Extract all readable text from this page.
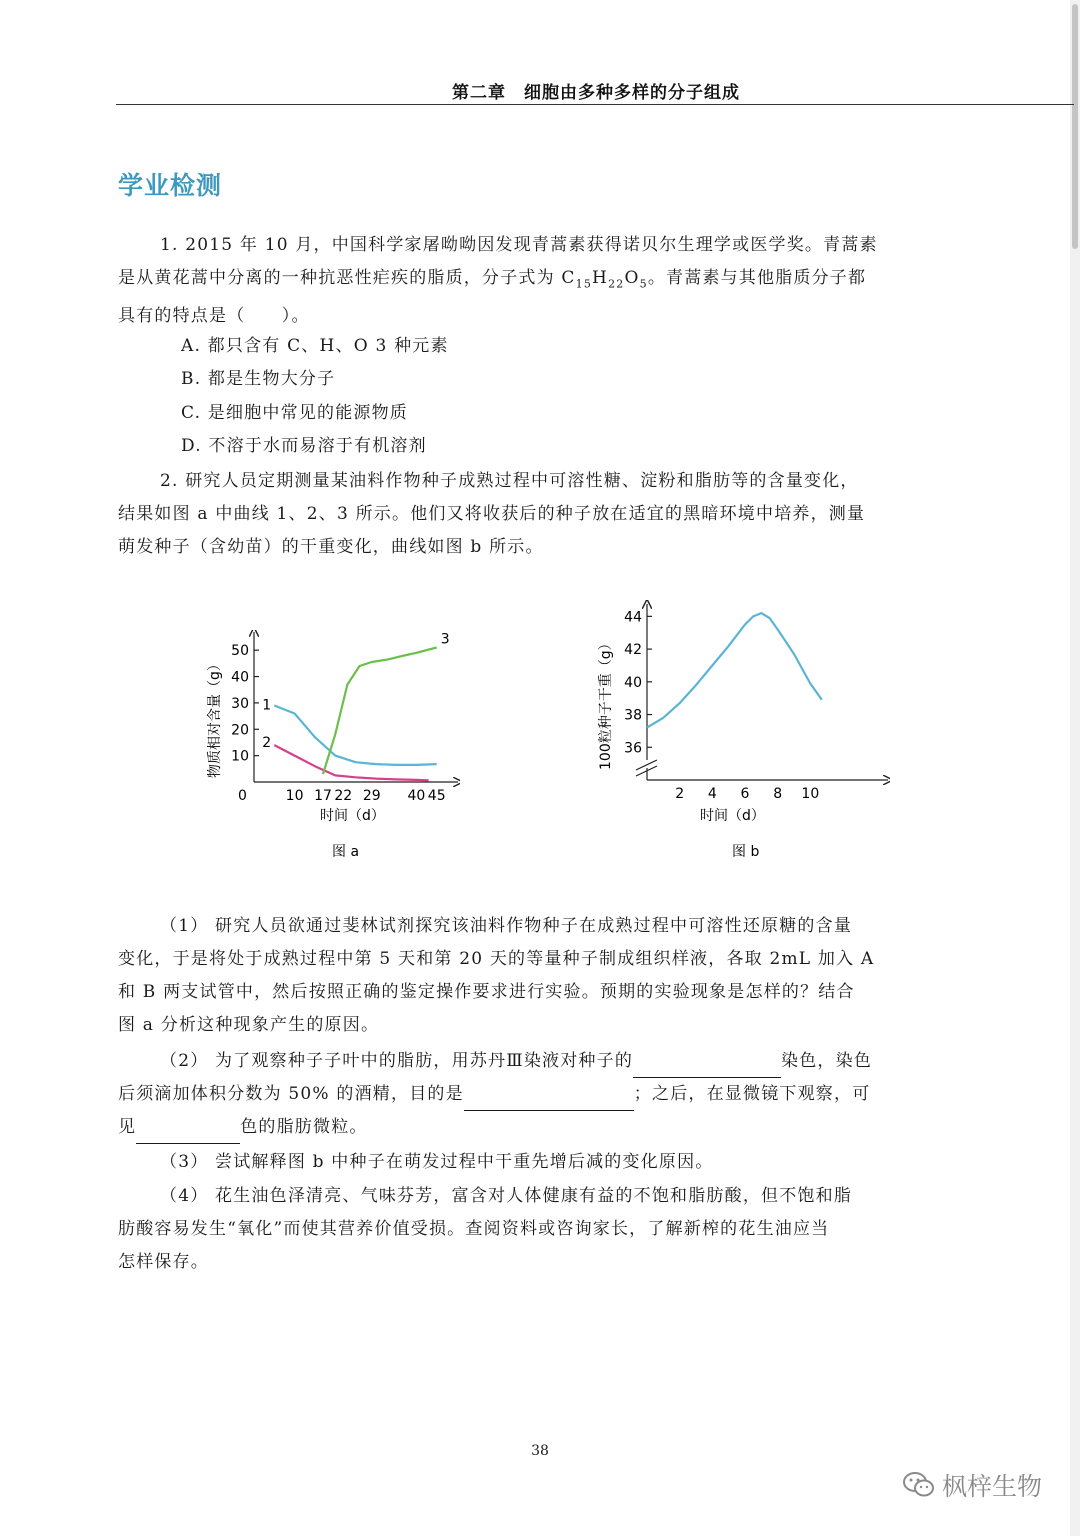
第二章　细胞由多种多样的分子组成
学业检测
1. 2015 年 10 月，中国科学家屠呦呦因发现青蒿素获得诺贝尔生理学或医学奖。青蒿素
是从黄花蒿中分离的一种抗恶性疟疾的脂质，分子式为 $C_{15}H_{22}O_5$。青蒿素与其他脂质分子都
具有的特点是（　　）。
A. 都只含有 C、H、O 3 种元素
B. 都是生物大分子
C. 是细胞中常见的能源物质
D. 不溶于水而易溶于有机溶剂
2. 研究人员定期测量某油料作物种子成熟过程中可溶性糖、淀粉和脂肪等的含量变化，
结果如图 a 中曲线 1、2、3 所示。他们又将收获后的种子放在适宜的黑暗环境中培养，测量
萌发种子（含幼苗）的干重变化，曲线如图 b 所示。
10
20
30
40
50
10 17 22 29 40 45
1
2
3
0
时间（d）
物质相对含量（g）
图 a
36
38
40
42
44
2 4 6 8 10
时间（d）
100粒种子干重（g）
图 b
（1） 研究人员欲通过斐林试剂探究该油料作物种子在成熟过程中可溶性还原糖的含量
变化，于是将处于成熟过程中第 5 天和第 20 天的等量种子制成组织样液，各取 2mL 加入 A
和 B 两支试管中，然后按照正确的鉴定操作要求进行实验。预期的实验现象是怎样的？结合
图 a 分析这种现象产生的原因。
（2） 为了观察种子子叶中的脂肪，用苏丹Ⅲ染液对种子的	染色，染色
后须滴加体积分数为 50% 的酒精，目的是	；之后，在显微镜下观察，可
见	色的脂肪微粒。
（3） 尝试解释图 b 中种子在萌发过程中干重先增后减的变化原因。
（4） 花生油色泽清亮、气味芬芳，富含对人体健康有益的不饱和脂肪酸，但不饱和脂
肪酸容易发生“氧化”而使其营养价值受损。查阅资料或咨询家长，了解新榨的花生油应当
怎样保存。
38
枫梓生物
